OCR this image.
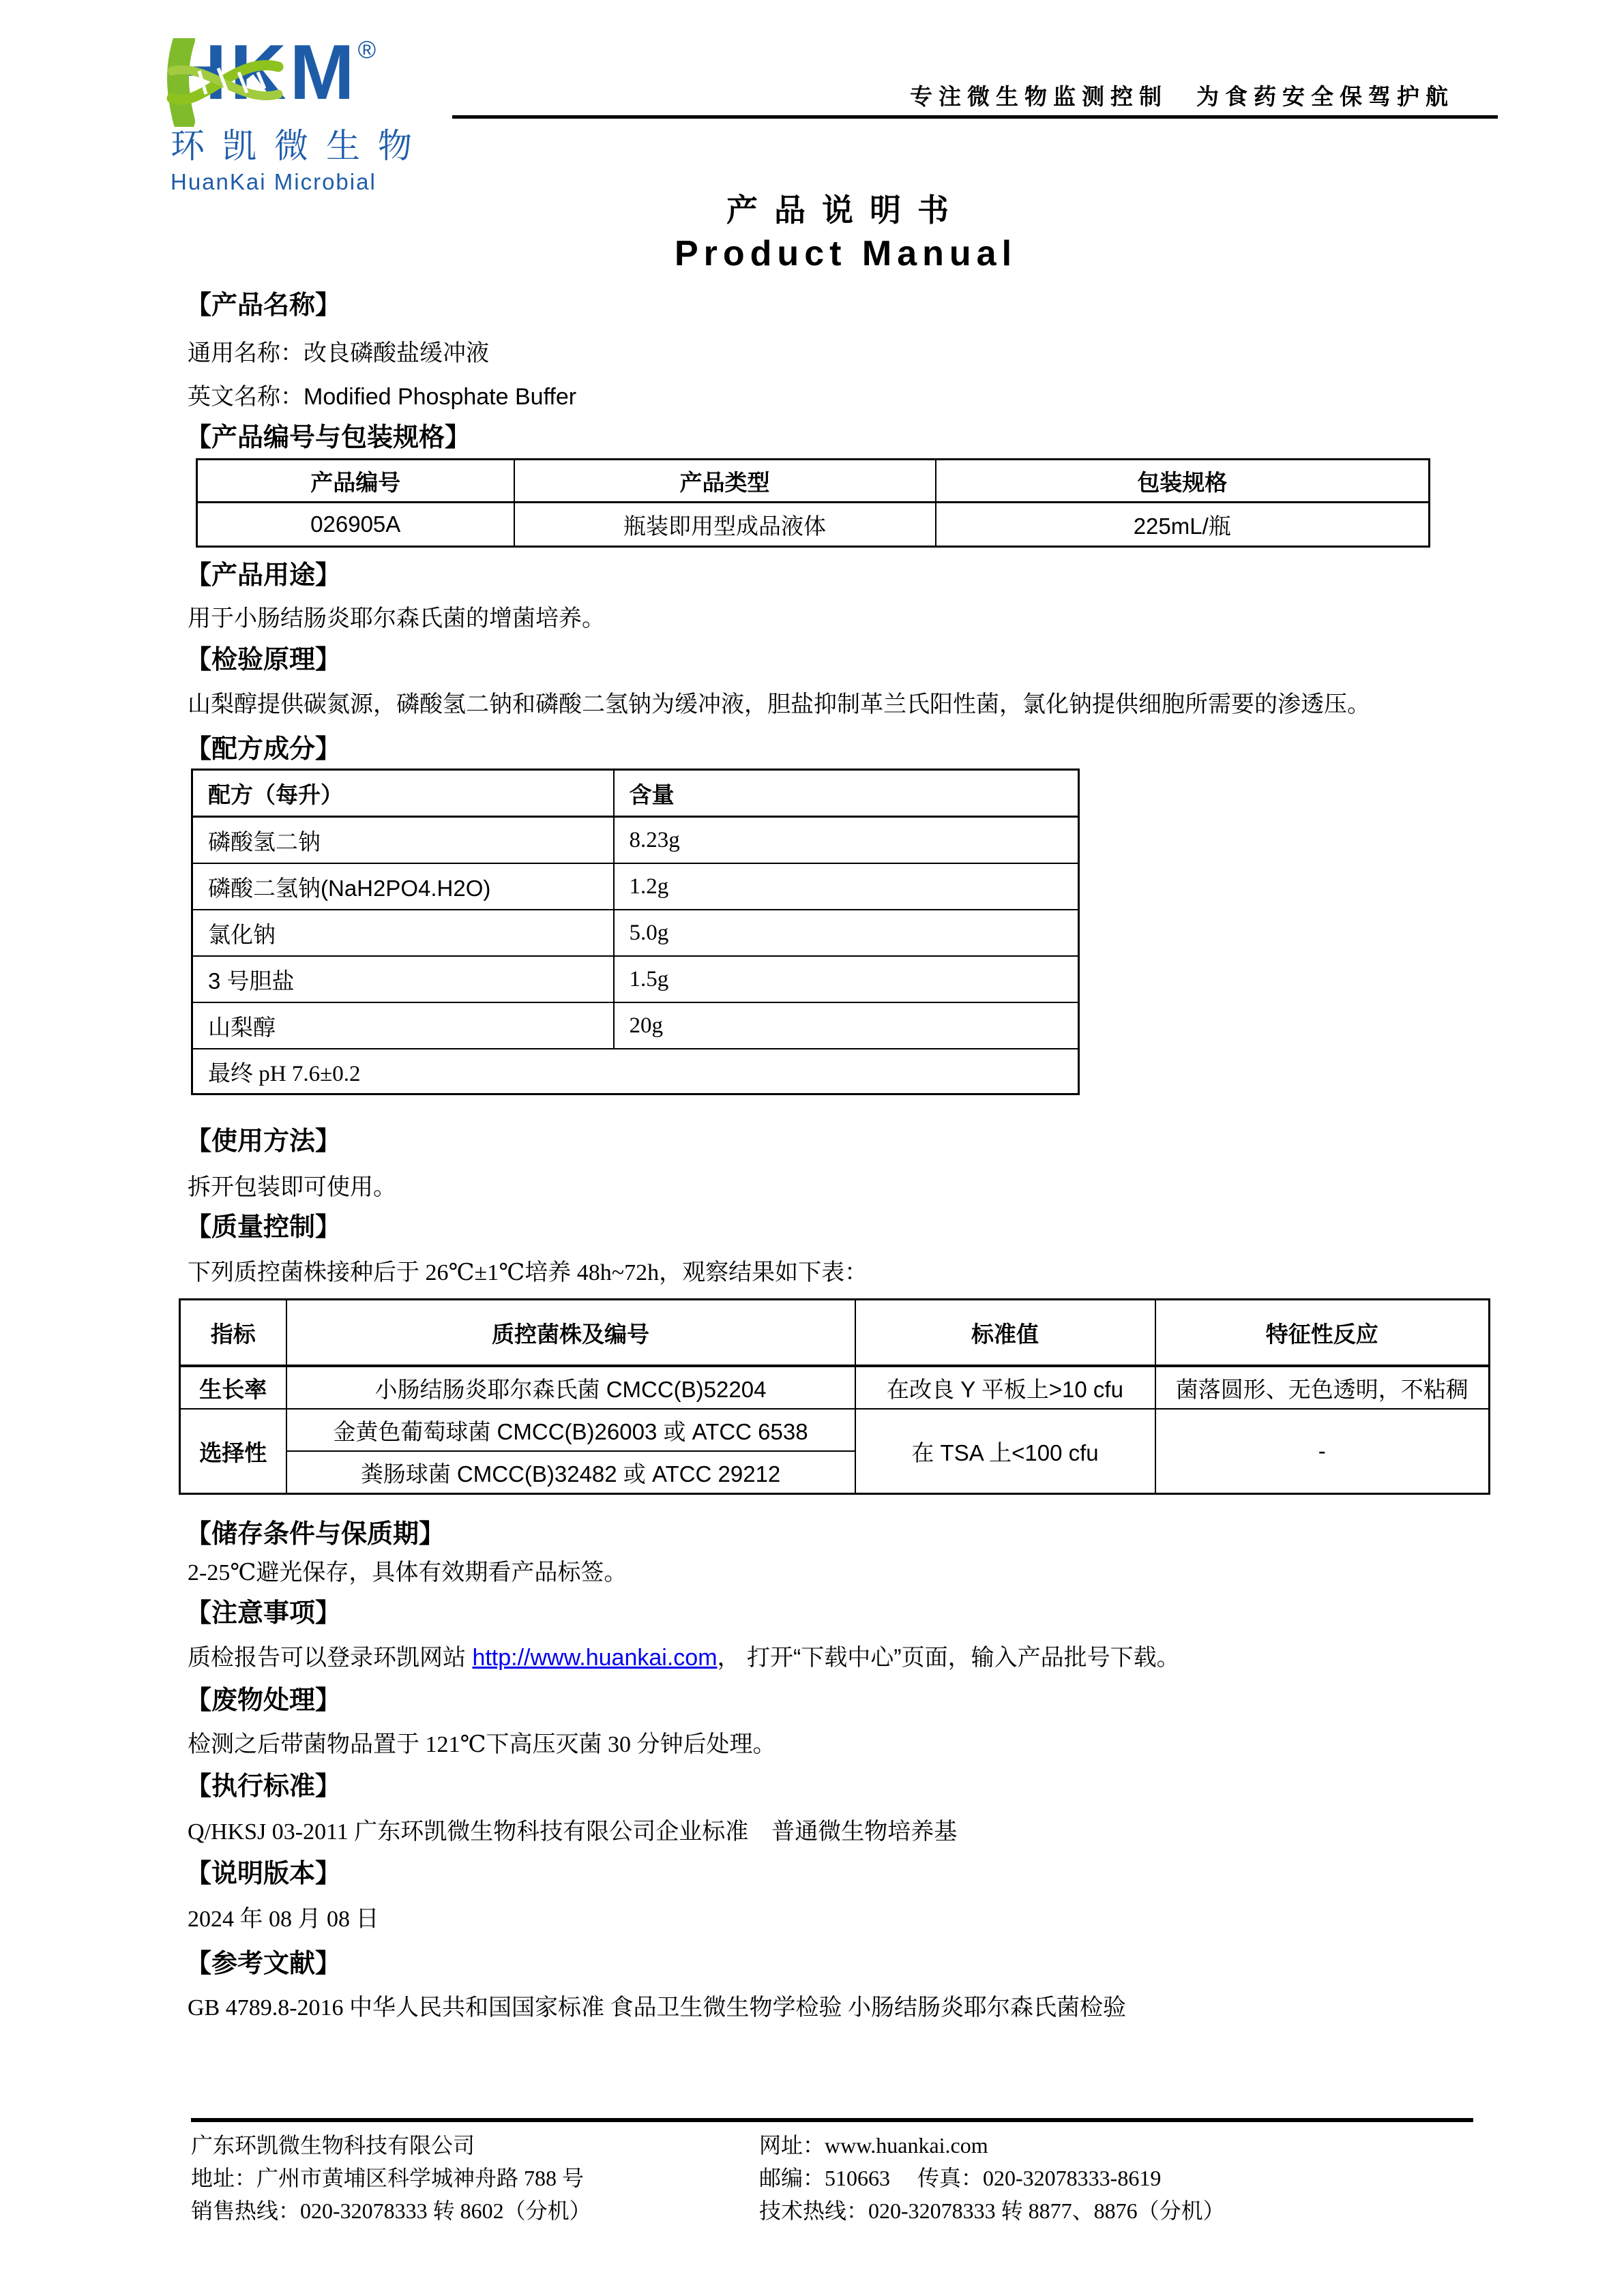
HKM®
环凯微生物
HuanKai Microbial
专注微生物监测控制　为食药安全保驾护航
产品说明书
Product Manual
【产品名称】
通用名称：改良磷酸盐缓冲液
英文名称：Modified Phosphate Buffer
【产品编号与包装规格】
产品编号	产品类型	包装规格
026905A	瓶装即用型成品液体	225mL/瓶
【产品用途】
用于小肠结肠炎耶尔森氏菌的增菌培养。
【检验原理】
山梨醇提供碳氮源，磷酸氢二钠和磷酸二氢钠为缓冲液，胆盐抑制革兰氏阳性菌，氯化钠提供细胞所需要的渗透压。
【配方成分】
配方（每升）	含量
磷酸氢二钠	8.23g
磷酸二氢钠(NaH2PO4.H2O)	1.2g
氯化钠	5.0g
3 号胆盐	1.5g
山梨醇	20g
最终 pH 7.6±0.2	
【使用方法】
拆开包装即可使用。
【质量控制】
下列质控菌株接种后于 26℃±1℃培养 48h~72h，观察结果如下表：
指标	质控菌株及编号	标准值	特征性反应
生长率	小肠结肠炎耶尔森氏菌 CMCC(B)52204	在改良 Y 平板上>10 cfu	菌落圆形、无色透明，不粘稠
选择性	金黄色葡萄球菌 CMCC(B)26003 或 ATCC 6538	在 TSA 上<100 cfu	-
	粪肠球菌 CMCC(B)32482 或 ATCC 29212		
【储存条件与保质期】
2-25℃避光保存，具体有效期看产品标签。
【注意事项】
质检报告可以登录环凯网站 http://www.huankai.com， 打开“下载中心”页面，输入产品批号下载。
【废物处理】
检测之后带菌物品置于 121℃下高压灭菌 30 分钟后处理。
【执行标准】
Q/HKSJ 03-2011 广东环凯微生物科技有限公司企业标准　普通微生物培养基
【说明版本】
2024 年 08 月 08 日
【参考文献】
GB 4789.8-2016 中华人民共和国国家标准 食品卫生微生物学检验 小肠结肠炎耶尔森氏菌检验
广东环凯微生物科技有限公司
地址：广州市黄埔区科学城神舟路 788 号
销售热线：020-32078333 转 8602（分机）
网址：www.huankai.com
邮编：510663　 传真：020-32078333-8619
技术热线：020-32078333 转 8877、8876（分机）
